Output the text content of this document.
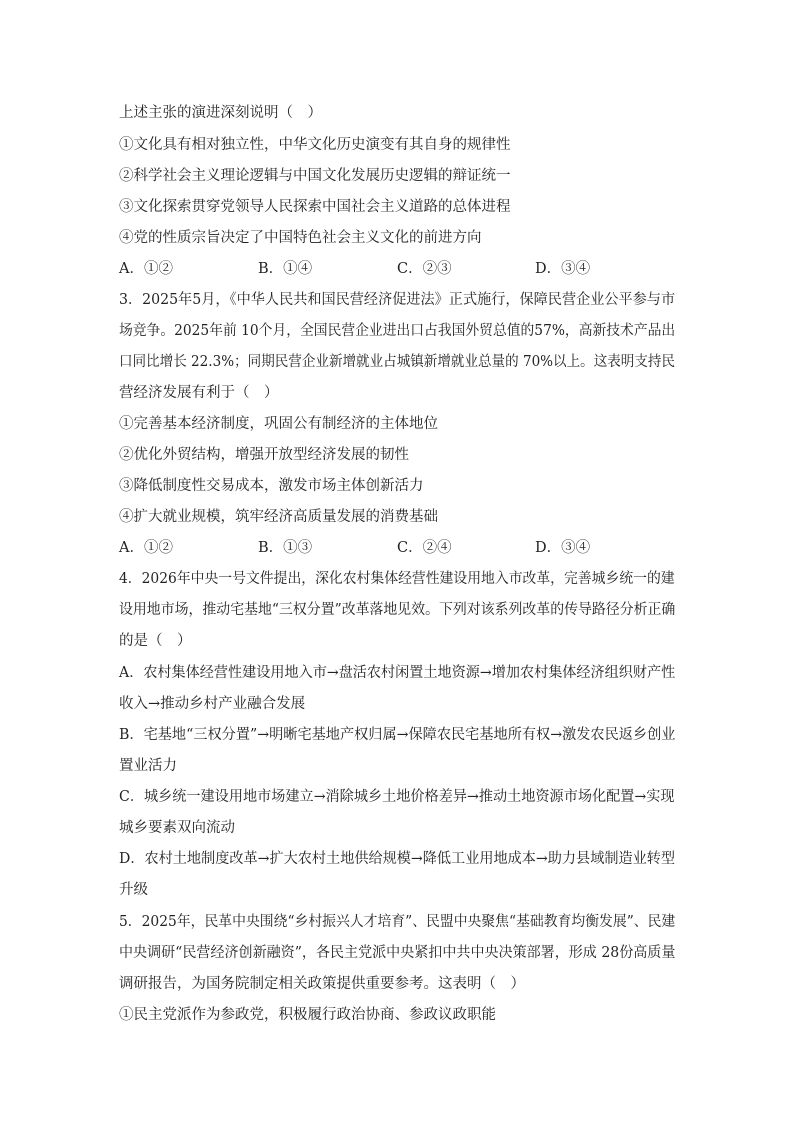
上述主张的演进深刻说明（　）
①文化具有相对独立性，中华文化历史演变有其自身的规律性
②科学社会主义理论逻辑与中国文化发展历史逻辑的辩证统一
③文化探索贯穿党领导人民探索中国社会主义道路的总体进程
④党的性质宗旨决定了中国特色社会主义文化的前进方向
A．①②	B．①④	C．②③	D．③④
3．2025年5月，《中华人民共和国民营经济促进法》正式施行，保障民营企业公平参与市
场竞争。2025年前 10个月，全国民营企业进出口占我国外贸总值的57%，高新技术产品出
口同比增长 22.3%；同期民营企业新增就业占城镇新增就业总量的 70%以上。这表明支持民
营经济发展有利于（　）
①完善基本经济制度，巩固公有制经济的主体地位
②优化外贸结构，增强开放型经济发展的韧性
③降低制度性交易成本，激发市场主体创新活力
④扩大就业规模，筑牢经济高质量发展的消费基础
A．①②	B．①③	C．②④	D．③④
4．2026年中央一号文件提出，深化农村集体经营性建设用地入市改革，完善城乡统一的建
设用地市场，推动宅基地“三权分置”改革落地见效。下列对该系列改革的传导路径分析正确
的是（　）
A．农村集体经营性建设用地入市→盘活农村闲置土地资源→增加农村集体经济组织财产性
收入→推动乡村产业融合发展
B．宅基地“三权分置”→明晰宅基地产权归属→保障农民宅基地所有权→激发农民返乡创业
置业活力
C．城乡统一建设用地市场建立→消除城乡土地价格差异→推动土地资源市场化配置→实现
城乡要素双向流动
D．农村土地制度改革→扩大农村土地供给规模→降低工业用地成本→助力县域制造业转型
升级
5．2025年，民革中央围绕“乡村振兴人才培育”、民盟中央聚焦“基础教育均衡发展”、民建
中央调研“民营经济创新融资”，各民主党派中央紧扣中共中央决策部署，形成 28份高质量
调研报告，为国务院制定相关政策提供重要参考。这表明（　）
①民主党派作为参政党，积极履行政治协商、参政议政职能
